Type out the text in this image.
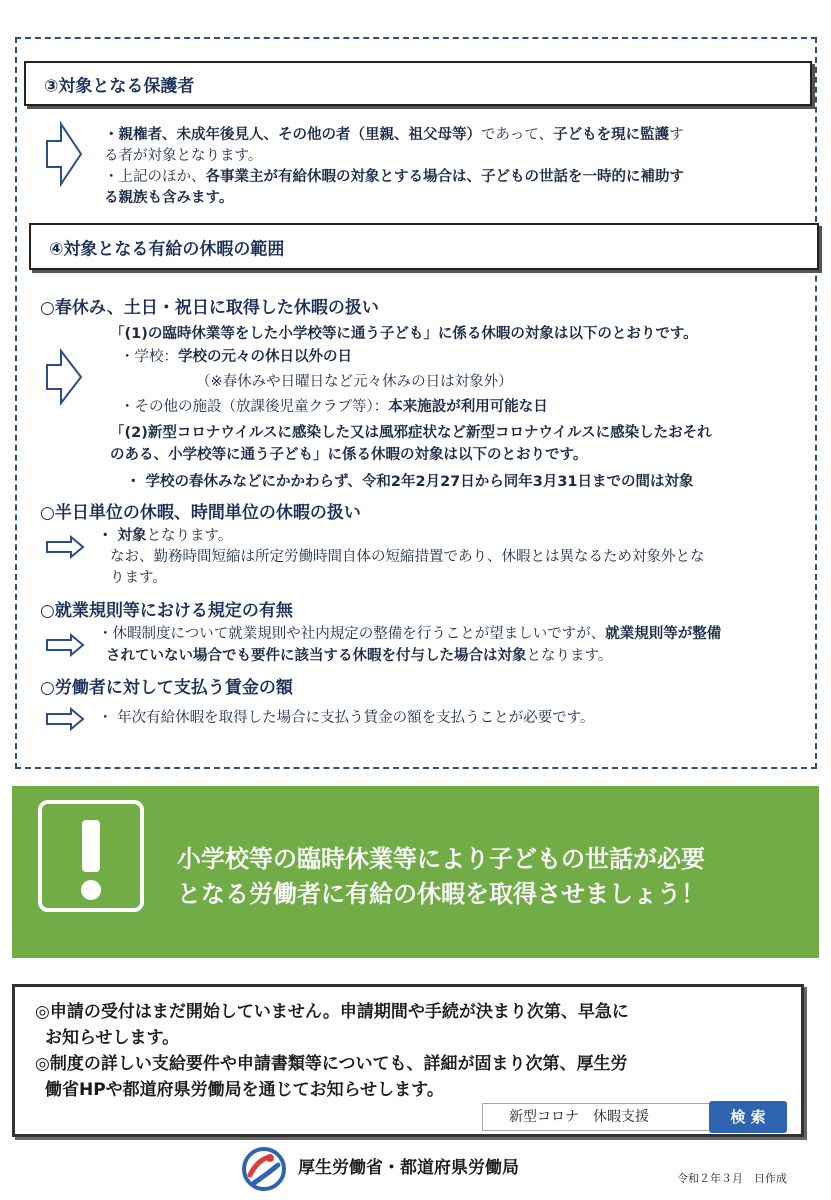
③対象となる保護者
・親権者、未成年後見人、その他の者（里親、祖父母等）であって、子どもを現に監護す
る者が対象となります。
・上記のほか、各事業主が有給休暇の対象とする場合は、子どもの世話を一時的に補助す
る親族も含みます。
④対象となる有給の休暇の範囲
○春休み、土日・祝日に取得した休暇の扱い
「(1)の臨時休業等をした小学校等に通う子ども」に係る休暇の対象は以下のとおりです。
・学校：学校の元々の休日以外の日
（※春休みや日曜日など元々休みの日は対象外）
・その他の施設（放課後児童クラブ等）：本来施設が利用可能な日
「(2)新型コロナウイルスに感染した又は風邪症状など新型コロナウイルスに感染したおそれ
のある、小学校等に通う子ども」に係る休暇の対象は以下のとおりです。
・ 学校の春休みなどにかかわらず、令和2年2月27日から同年3月31日までの間は対象
○半日単位の休暇、時間単位の休暇の扱い
・ 対象となります。
なお、勤務時間短縮は所定労働時間自体の短縮措置であり、休暇とは異なるため対象外とな
ります。
○就業規則等における規定の有無
・休暇制度について就業規則や社内規定の整備を行うことが望ましいですが、就業規則等が整備
されていない場合でも要件に該当する休暇を付与した場合は対象となります。
○労働者に対して支払う賃金の額
・ 年次有給休暇を取得した場合に支払う賃金の額を支払うことが必要です。
小学校等の臨時休業等により子どもの世話が必要
となる労働者に有給の休暇を取得させましょう！
◎申請の受付はまだ開始していません。申請期間や手続が決まり次第、早急に
お知らせします。
◎制度の詳しい支給要件や申請書類等についても、詳細が固まり次第、厚生労
働省HPや都道府県労働局を通じてお知らせします。
新型コロナ　休暇支援	検 索
厚生労働省・都道府県労働局
令和２年３月　日作成
